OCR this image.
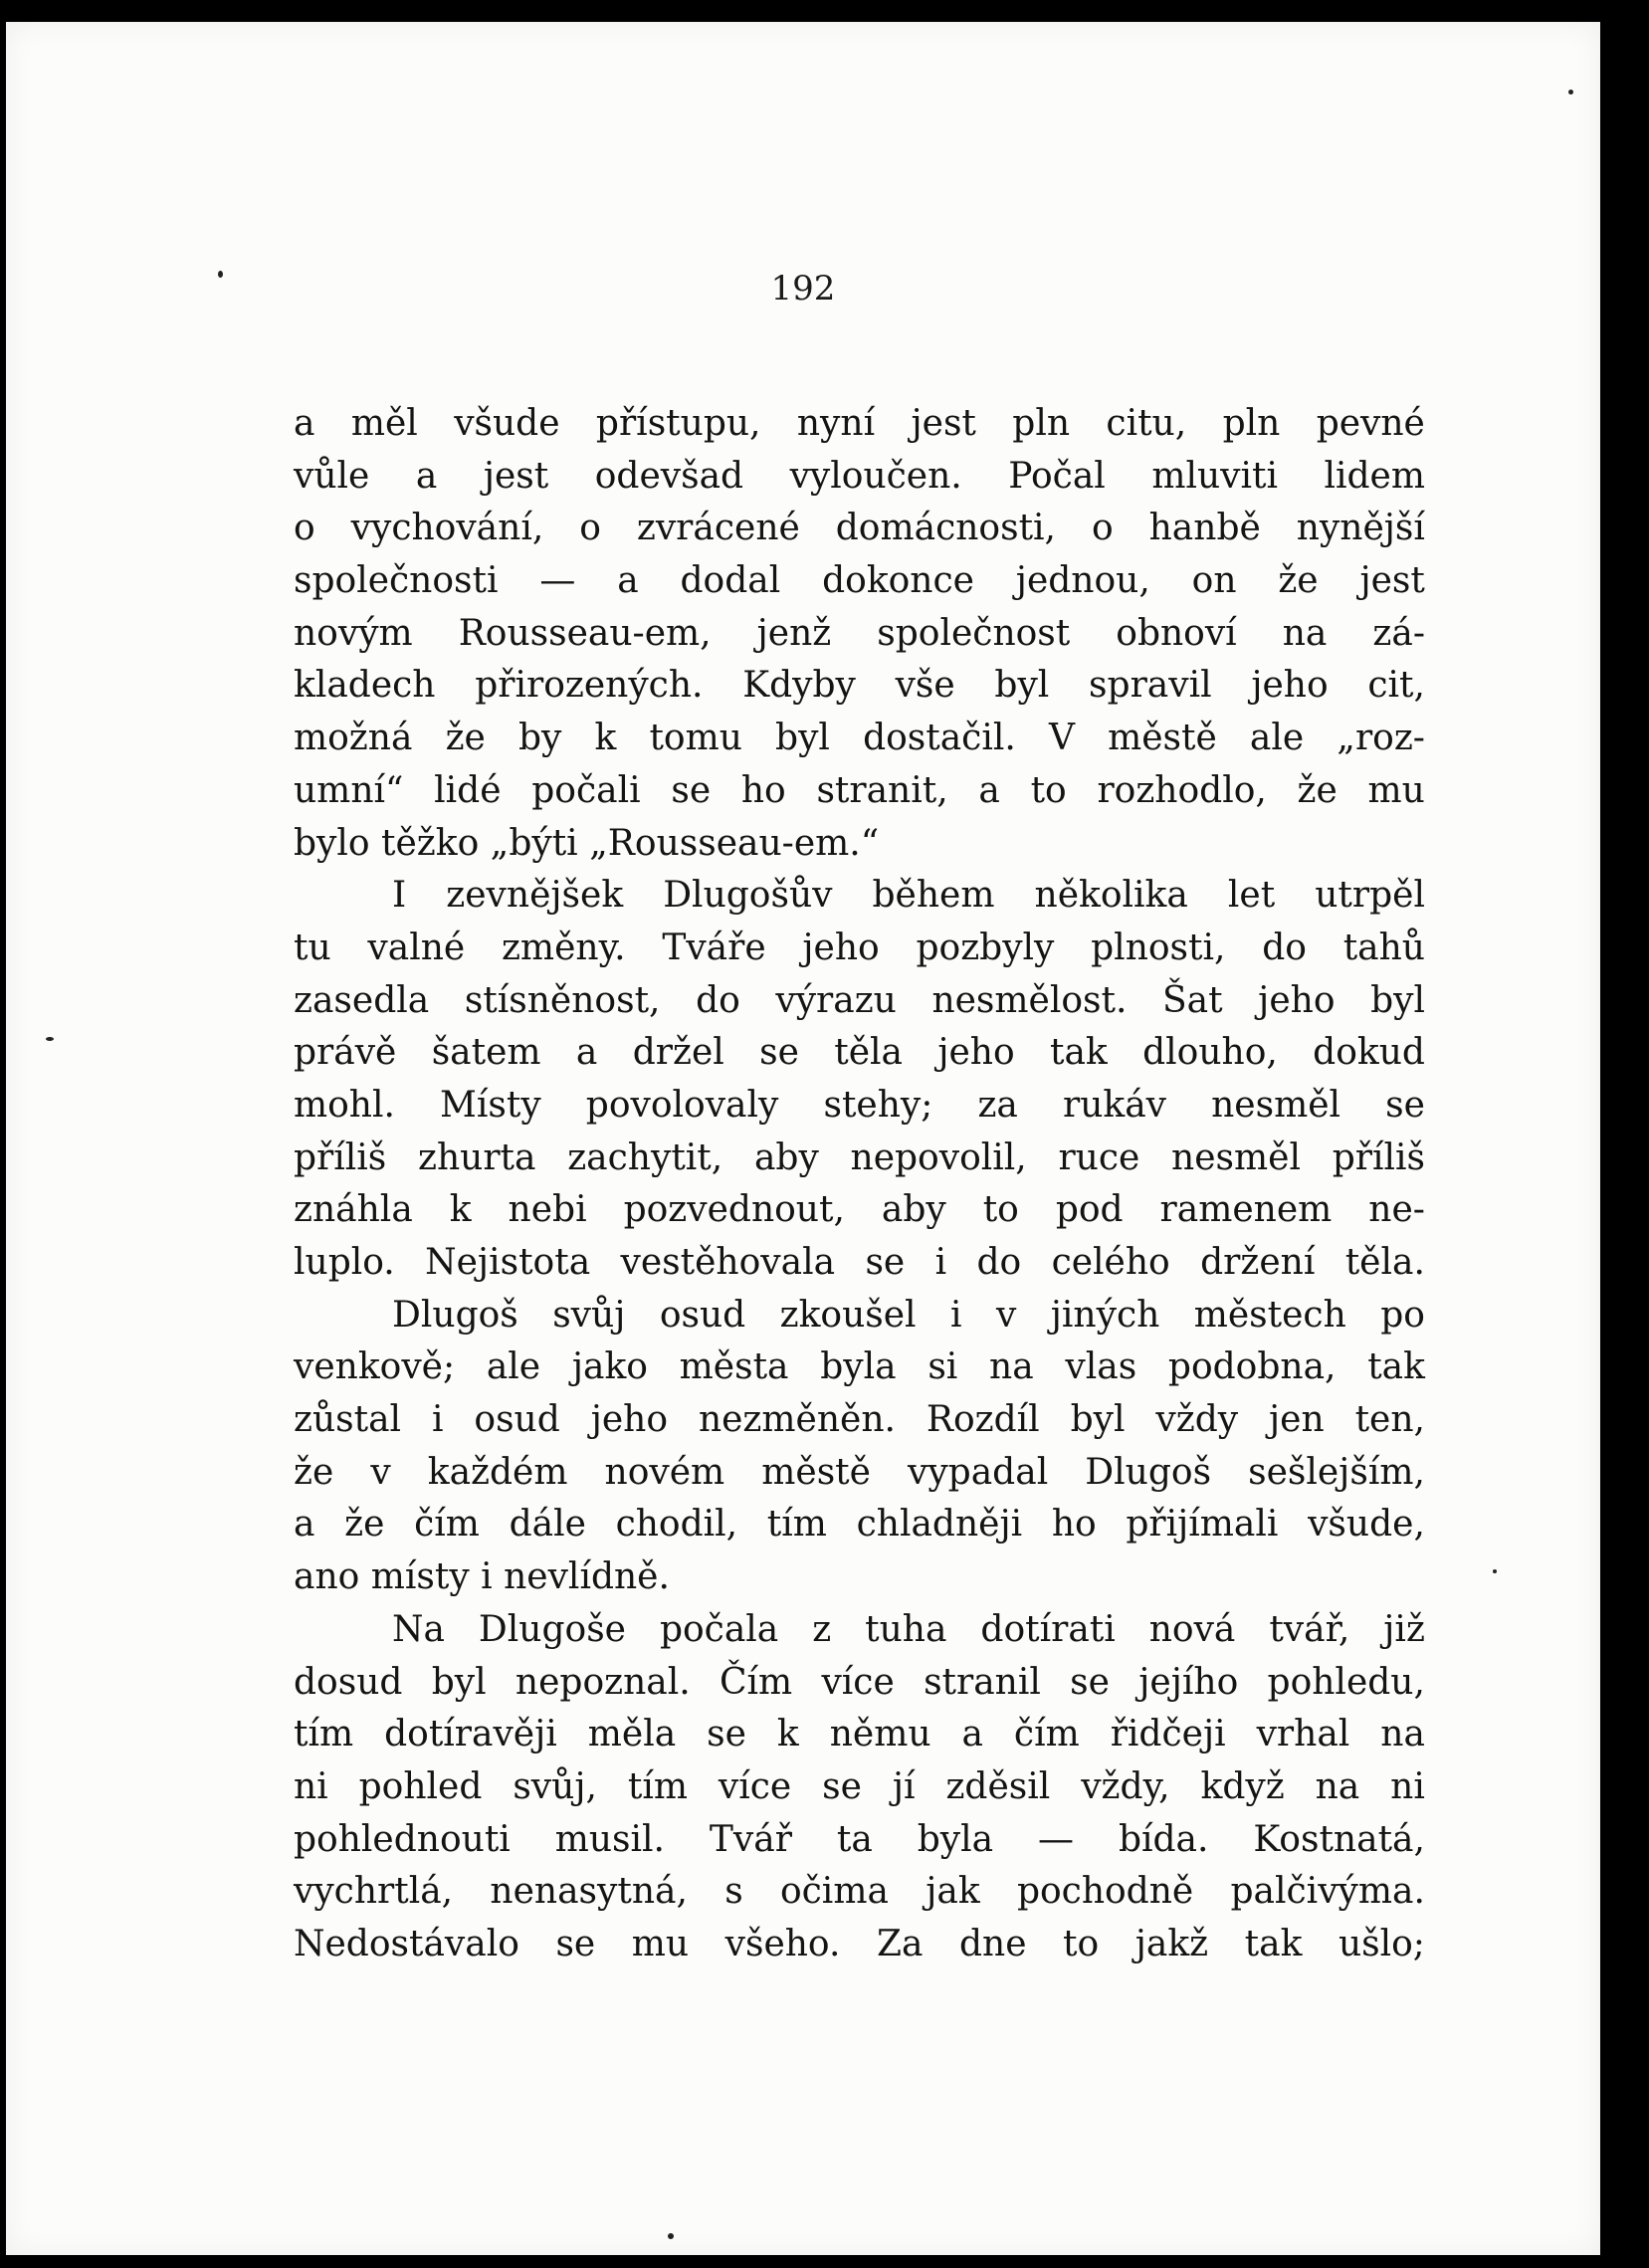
192
a měl všude přístupu, nyní jest pln citu, pln pevné
vůle a jest odevšad vyloučen. Počal mluviti lidem
o vychování, o zvrácené domácnosti, o hanbě nynější
společnosti — a dodal dokonce jednou, on že jest
novým Rousseau-em, jenž společnost obnoví na zá-
kladech přirozených. Kdyby vše byl spravil jeho cit,
možná že by k tomu byl dostačil. V městě ale „roz-
umní“ lidé počali se ho stranit, a to rozhodlo, že mu
bylo těžko „býti „Rousseau-em.“
I zevnějšek Dlugošův během několika let utrpěl
tu valné změny. Tváře jeho pozbyly plnosti, do tahů
zasedla stísněnost, do výrazu nesmělost. Šat jeho byl
právě šatem a držel se těla jeho tak dlouho, dokud
mohl. Místy povolovaly stehy; za rukáv nesměl se
příliš zhurta zachytit, aby nepovolil, ruce nesměl příliš
znáhla k nebi pozvednout, aby to pod ramenem ne-
luplo. Nejistota vestěhovala se i do celého držení těla.
Dlugoš svůj osud zkoušel i v jiných městech po
venkově; ale jako města byla si na vlas podobna, tak
zůstal i osud jeho nezměněn. Rozdíl byl vždy jen ten,
že v každém novém městě vypadal Dlugoš sešlejším,
a že čím dále chodil, tím chladněji ho přijímali všude,
ano místy i nevlídně.
Na Dlugoše počala z tuha dotírati nová tvář, již
dosud byl nepoznal. Čím více stranil se jejího pohledu,
tím dotíravěji měla se k němu a čím řidčeji vrhal na
ni pohled svůj, tím více se jí zděsil vždy, když na ni
pohlednouti musil. Tvář ta byla — bída. Kostnatá,
vychrtlá, nenasytná, s očima jak pochodně palčivýma.
Nedostávalo se mu všeho. Za dne to jakž tak ušlo;
